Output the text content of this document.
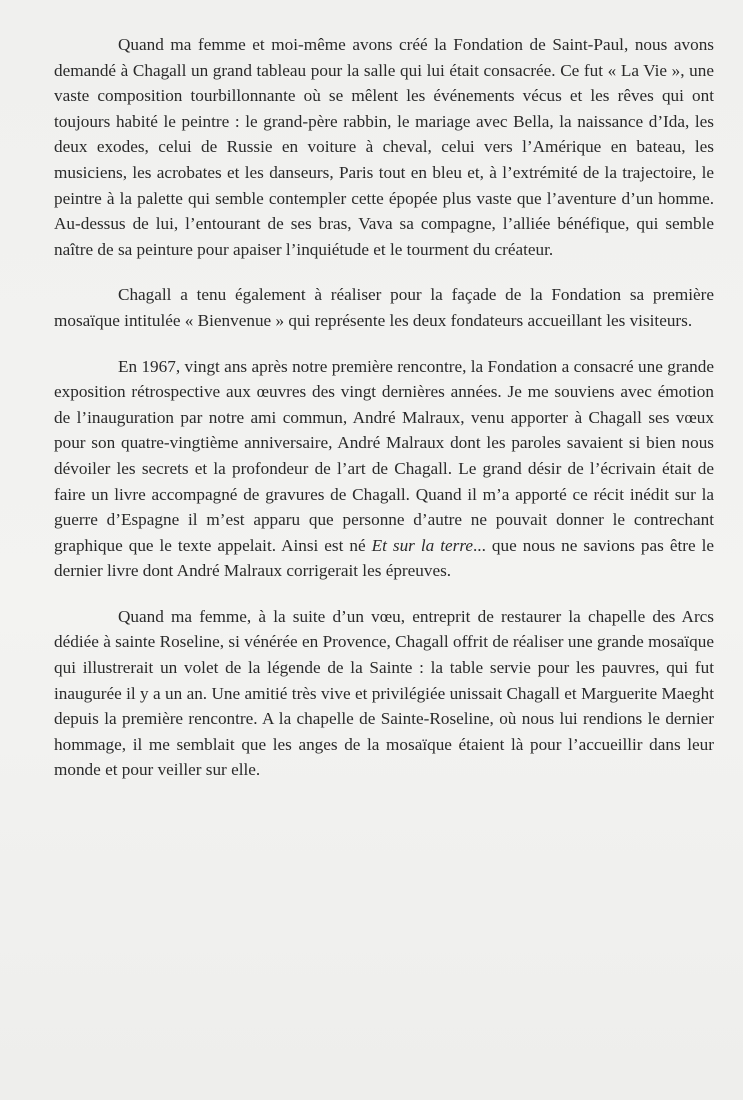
Quand ma femme et moi-même avons créé la Fondation de Saint-Paul, nous avons demandé à Chagall un grand tableau pour la salle qui lui était consacrée. Ce fut « La Vie », une vaste composition tourbillonnante où se mêlent les événements vécus et les rêves qui ont toujours habité le peintre : le grand-père rabbin, le mariage avec Bella, la naissance d’Ida, les deux exodes, celui de Russie en voiture à cheval, celui vers l’Amérique en bateau, les musiciens, les acrobates et les danseurs, Paris tout en bleu et, à l’extrémité de la trajectoire, le peintre à la palette qui semble contempler cette épopée plus vaste que l’aventure d’un homme. Au-dessus de lui, l’entourant de ses bras, Vava sa compagne, l’alliée bénéfique, qui semble naître de sa peinture pour apaiser l’inquiétude et le tourment du créateur.

Chagall a tenu également à réaliser pour la façade de la Fondation sa première mosaïque intitulée « Bienvenue » qui représente les deux fondateurs accueillant les visiteurs.

En 1967, vingt ans après notre première rencontre, la Fondation a consacré une grande exposition rétrospective aux œuvres des vingt dernières années. Je me souviens avec émotion de l’inauguration par notre ami commun, André Malraux, venu apporter à Chagall ses vœux pour son quatre-vingtième anniversaire, André Malraux dont les paroles savaient si bien nous dévoiler les secrets et la profondeur de l’art de Chagall. Le grand désir de l’écrivain était de faire un livre accompagné de gravures de Chagall. Quand il m’a apporté ce récit inédit sur la guerre d’Espagne il m’est apparu que personne d’autre ne pouvait donner le contrechant graphique que le texte appelait. Ainsi est né Et sur la terre... que nous ne savions pas être le dernier livre dont André Malraux corrigerait les épreuves.

Quand ma femme, à la suite d’un vœu, entreprit de restaurer la chapelle des Arcs dédiée à sainte Roseline, si vénérée en Provence, Chagall offrit de réaliser une grande mosaïque qui illustrerait un volet de la légende de la Sainte : la table servie pour les pauvres, qui fut inaugurée il y a un an. Une amitié très vive et privilégiée unissait Chagall et Marguerite Maeght depuis la première rencontre. A la chapelle de Sainte-Roseline, où nous lui rendions le dernier hommage, il me semblait que les anges de la mosaïque étaient là pour l’accueillir dans leur monde et pour veiller sur elle.
